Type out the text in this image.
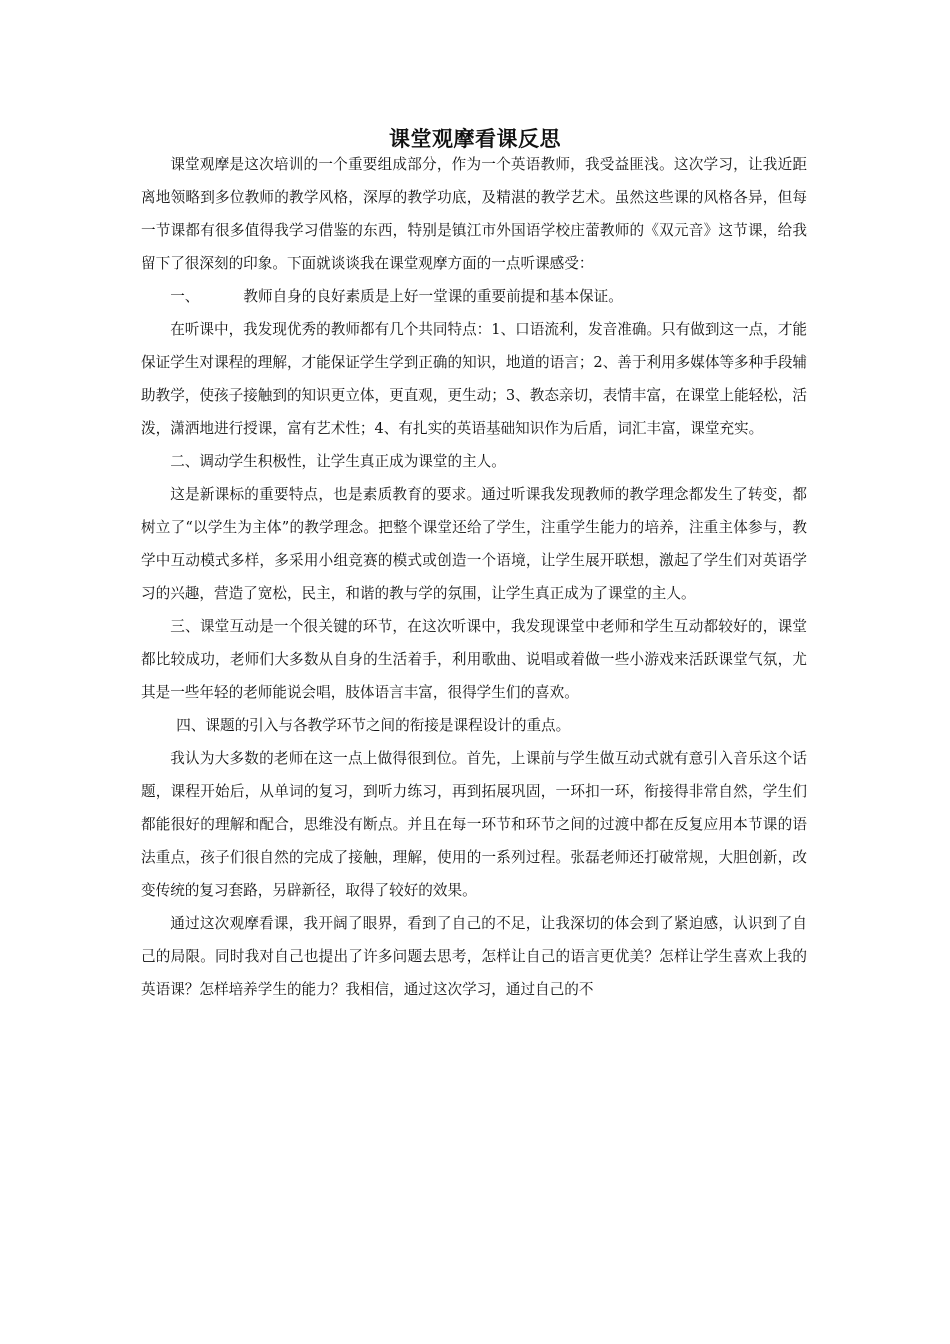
课堂观摩看课反思

课堂观摩是这次培训的一个重要组成部分，作为一个英语教师，我受益匪浅。这次学习，让我近距离地领略到多位教师的教学风格，深厚的教学功底，及精湛的教学艺术。虽然这些课的风格各异，但每一节课都有很多值得我学习借鉴的东西，特别是镇江市外国语学校庄蕾教师的《双元音》这节课，给我留下了很深刻的印象。下面就谈谈我在课堂观摩方面的一点听课感受：

一、	教师自身的良好素质是上好一堂课的重要前提和基本保证。

在听课中，我发现优秀的教师都有几个共同特点：1、口语流利，发音准确。只有做到这一点，才能保证学生对课程的理解，才能保证学生学到正确的知识，地道的语言；2、善于利用多媒体等多种手段辅助教学，使孩子接触到的知识更立体，更直观，更生动；3、教态亲切，表情丰富，在课堂上能轻松，活泼，潇洒地进行授课，富有艺术性；4、有扎实的英语基础知识作为后盾，词汇丰富，课堂充实。

二、调动学生积极性，让学生真正成为课堂的主人。

这是新课标的重要特点，也是素质教育的要求。通过听课我发现教师的教学理念都发生了转变，都树立了“以学生为主体”的教学理念。把整个课堂还给了学生，注重学生能力的培养，注重主体参与，教学中互动模式多样，多采用小组竞赛的模式或创造一个语境，让学生展开联想，激起了学生们对英语学习的兴趣，营造了宽松，民主，和谐的教与学的氛围，让学生真正成为了课堂的主人。

三、课堂互动是一个很关键的环节，在这次听课中，我发现课堂中老师和学生互动都较好的，课堂都比较成功，老师们大多数从自身的生活着手，利用歌曲、说唱或着做一些小游戏来活跃课堂气氛，尤其是一些年轻的老师能说会唱，肢体语言丰富，很得学生们的喜欢。

四、课题的引入与各教学环节之间的衔接是课程设计的重点。

我认为大多数的老师在这一点上做得很到位。首先，上课前与学生做互动式就有意引入音乐这个话题，课程开始后，从单词的复习，到听力练习，再到拓展巩固，一环扣一环，衔接得非常自然，学生们都能很好的理解和配合，思维没有断点。并且在每一环节和环节之间的过渡中都在反复应用本节课的语法重点，孩子们很自然的完成了接触，理解，使用的一系列过程。张磊老师还打破常规，大胆创新，改变传统的复习套路，另辟新径，取得了较好的效果。

通过这次观摩看课，我开阔了眼界，看到了自己的不足，让我深切的体会到了紧迫感，认识到了自己的局限。同时我对自己也提出了许多问题去思考，怎样让自己的语言更优美？怎样让学生喜欢上我的英语课？怎样培养学生的能力？我相信，通过这次学习，通过自己的不
